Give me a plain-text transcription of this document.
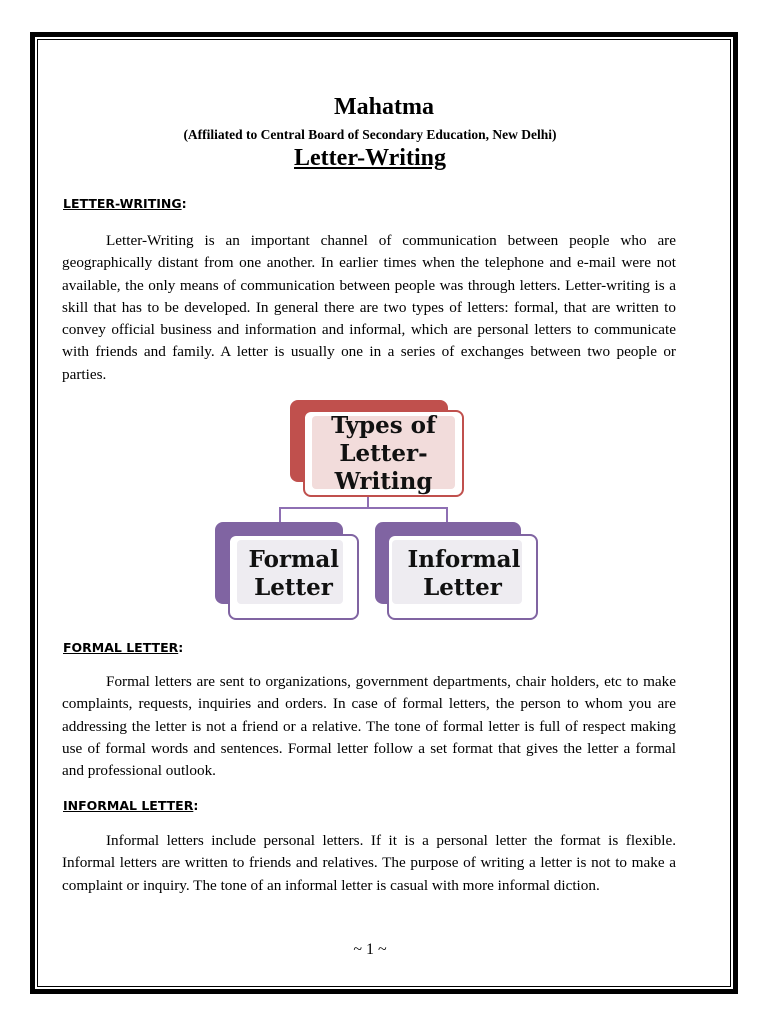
Mahatma
(Affiliated to Central Board of Secondary Education, New Delhi)
Letter-Writing
LETTER-WRITING:
Letter-Writing is an important channel of communication between people who are geographically distant from one another. In earlier times when the telephone and e-mail were not available, the only means of communication between people was through letters. Letter-writing is a skill that has to be developed. In general there are two types of letters: formal, that are written to convey official business and information and informal, which are personal letters to communicate with friends and family. A letter is usually one in a series of exchanges between two people or parties.
Types of Letter-Writing
Formal Letter
Informal Letter
FORMAL LETTER:
Formal letters are sent to organizations, government departments, chair holders, etc to make complaints, requests, inquiries and orders. In case of formal letters, the person to whom you are addressing the letter is not a friend or a relative. The tone of formal letter is full of respect making use of formal words and sentences. Formal letter follow a set format that gives the letter a formal and professional outlook.
INFORMAL LETTER:
Informal letters include personal letters. If it is a personal letter the format is flexible. Informal letters are written to friends and relatives. The purpose of writing a letter is not to make a complaint or inquiry. The tone of an informal letter is casual with more informal diction.
~ 1 ~
